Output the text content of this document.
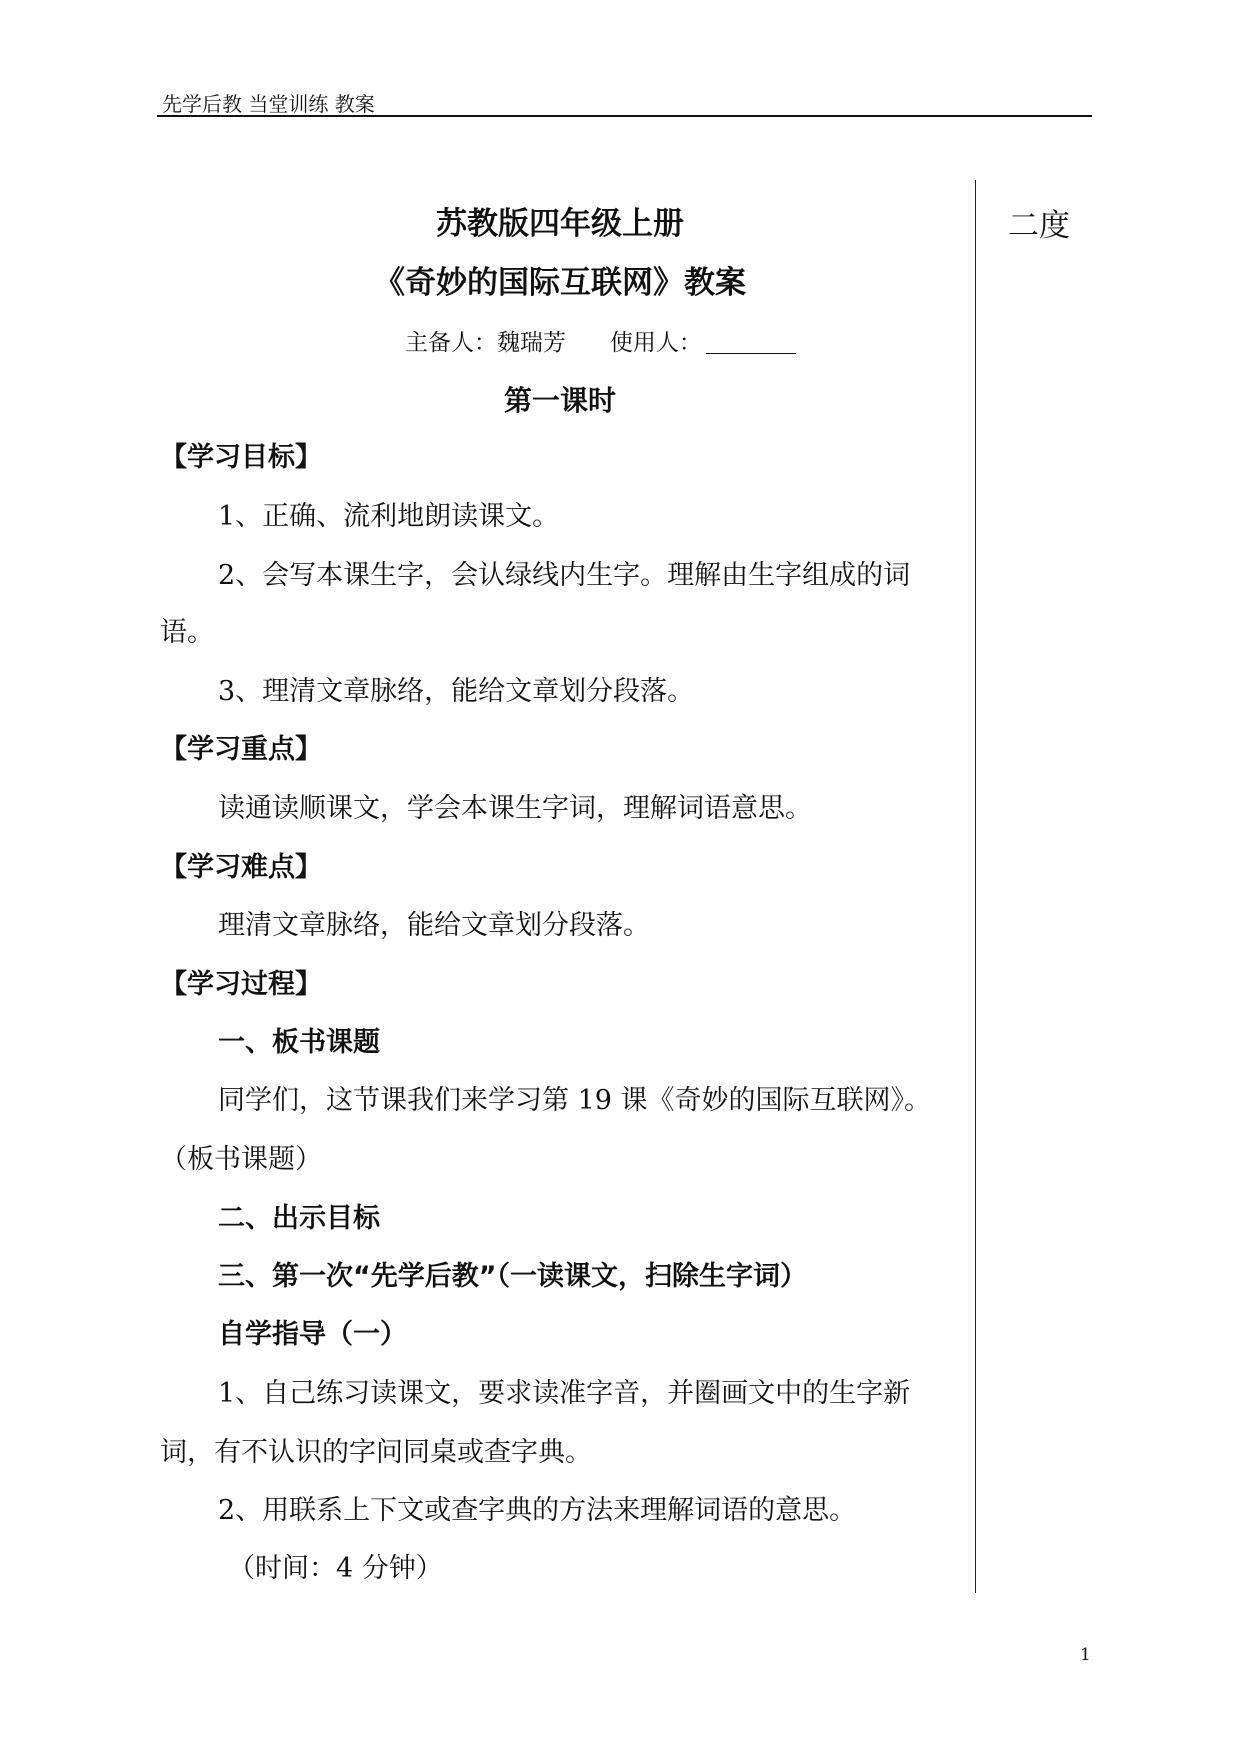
先学后教 当堂训练 教案
二度
苏教版四年级上册
《奇妙的国际互联网》教案
主备人：魏瑞芳 使用人：
第一课时
【学习目标】
1、正确、流利地朗读课文。
2、会写本课生字，会认绿线内生字。理解由生字组成的词
语。
3、理清文章脉络，能给文章划分段落。
【学习重点】
读通读顺课文，学会本课生字词，理解词语意思。
【学习难点】
理清文章脉络，能给文章划分段落。
【学习过程】
一、板书课题
同学们，这节课我们来学习第 19 课《奇妙的国际互联网》。
（板书课题）
二、出示目标
三、第一次“先学后教”（一读课文，扫除生字词）
自学指导（一）
1、自己练习读课文，要求读准字音，并圈画文中的生字新
词，有不认识的字问同桌或查字典。
2、用联系上下文或查字典的方法来理解词语的意思。
（时间：4 分钟）
1
